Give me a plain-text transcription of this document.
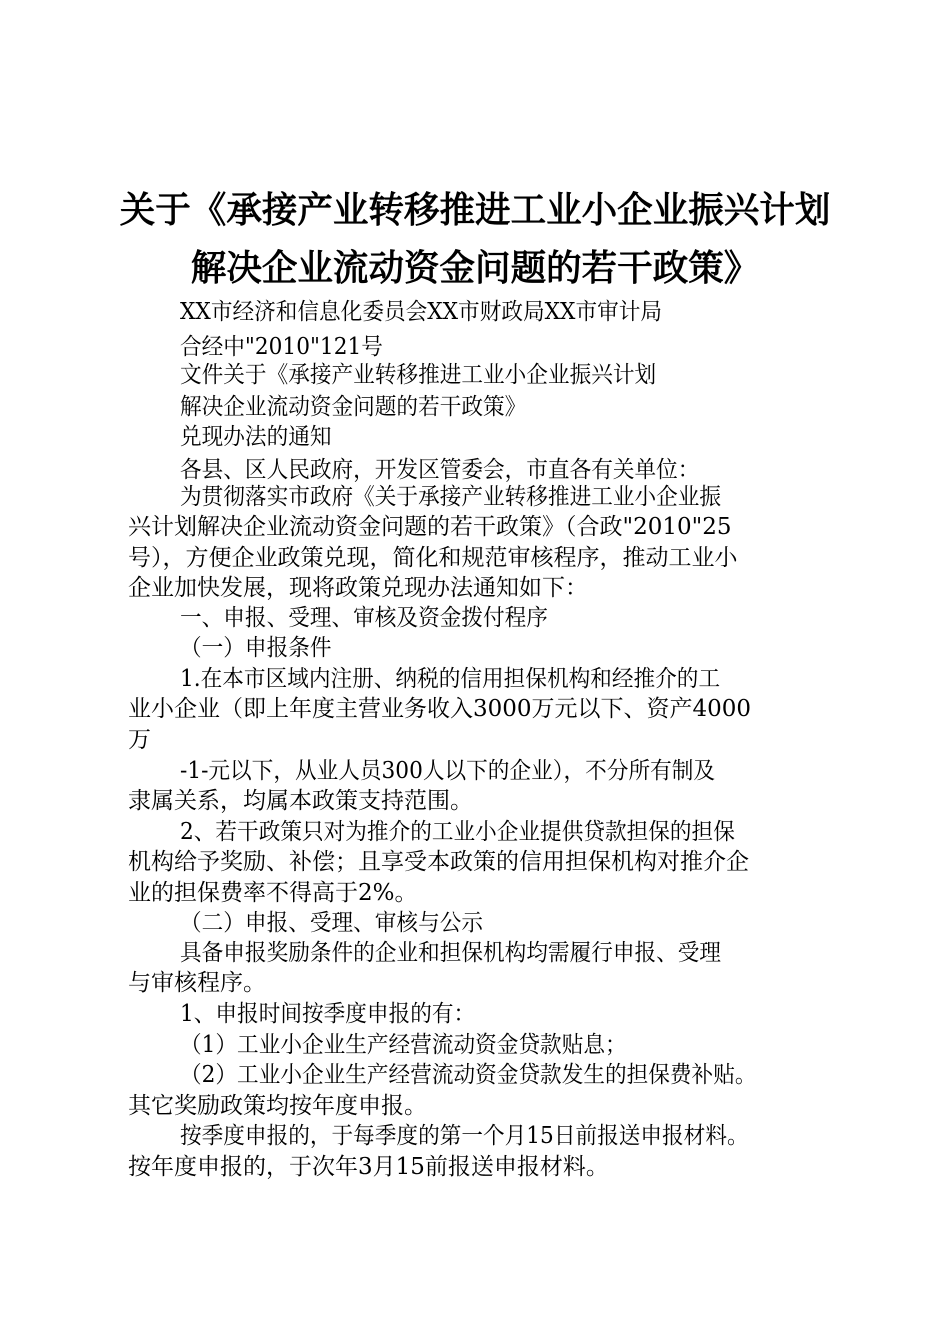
关于《承接产业转移推进工业小企业振兴计划
解决企业流动资金问题的若干政策》
XX市经济和信息化委员会XX市财政局XX市审计局
合经中"2010"121号
文件关于《承接产业转移推进工业小企业振兴计划
解决企业流动资金问题的若干政策》
兑现办法的通知
各县、区人民政府，开发区管委会，市直各有关单位：
为贯彻落实市政府《关于承接产业转移推进工业小企业振
兴计划解决企业流动资金问题的若干政策》（合政"2010"25
号），方便企业政策兑现，简化和规范审核程序，推动工业小
企业加快发展，现将政策兑现办法通知如下：
一、申报、受理、审核及资金拨付程序
（一）申报条件
1.在本市区域内注册、纳税的信用担保机构和经推介的工
业小企业（即上年度主营业务收入3000万元以下、资产4000
万
-1-元以下，从业人员300人以下的企业），不分所有制及
隶属关系，均属本政策支持范围。
2、若干政策只对为推介的工业小企业提供贷款担保的担保
机构给予奖励、补偿；且享受本政策的信用担保机构对推介企
业的担保费率不得高于2%。
（二）申报、受理、审核与公示
具备申报奖励条件的企业和担保机构均需履行申报、受理
与审核程序。
1、申报时间按季度申报的有：
（1）工业小企业生产经营流动资金贷款贴息；
（2）工业小企业生产经营流动资金贷款发生的担保费补贴。
其它奖励政策均按年度申报。
按季度申报的，于每季度的第一个月15日前报送申报材料。
按年度申报的，于次年3月15前报送申报材料。
